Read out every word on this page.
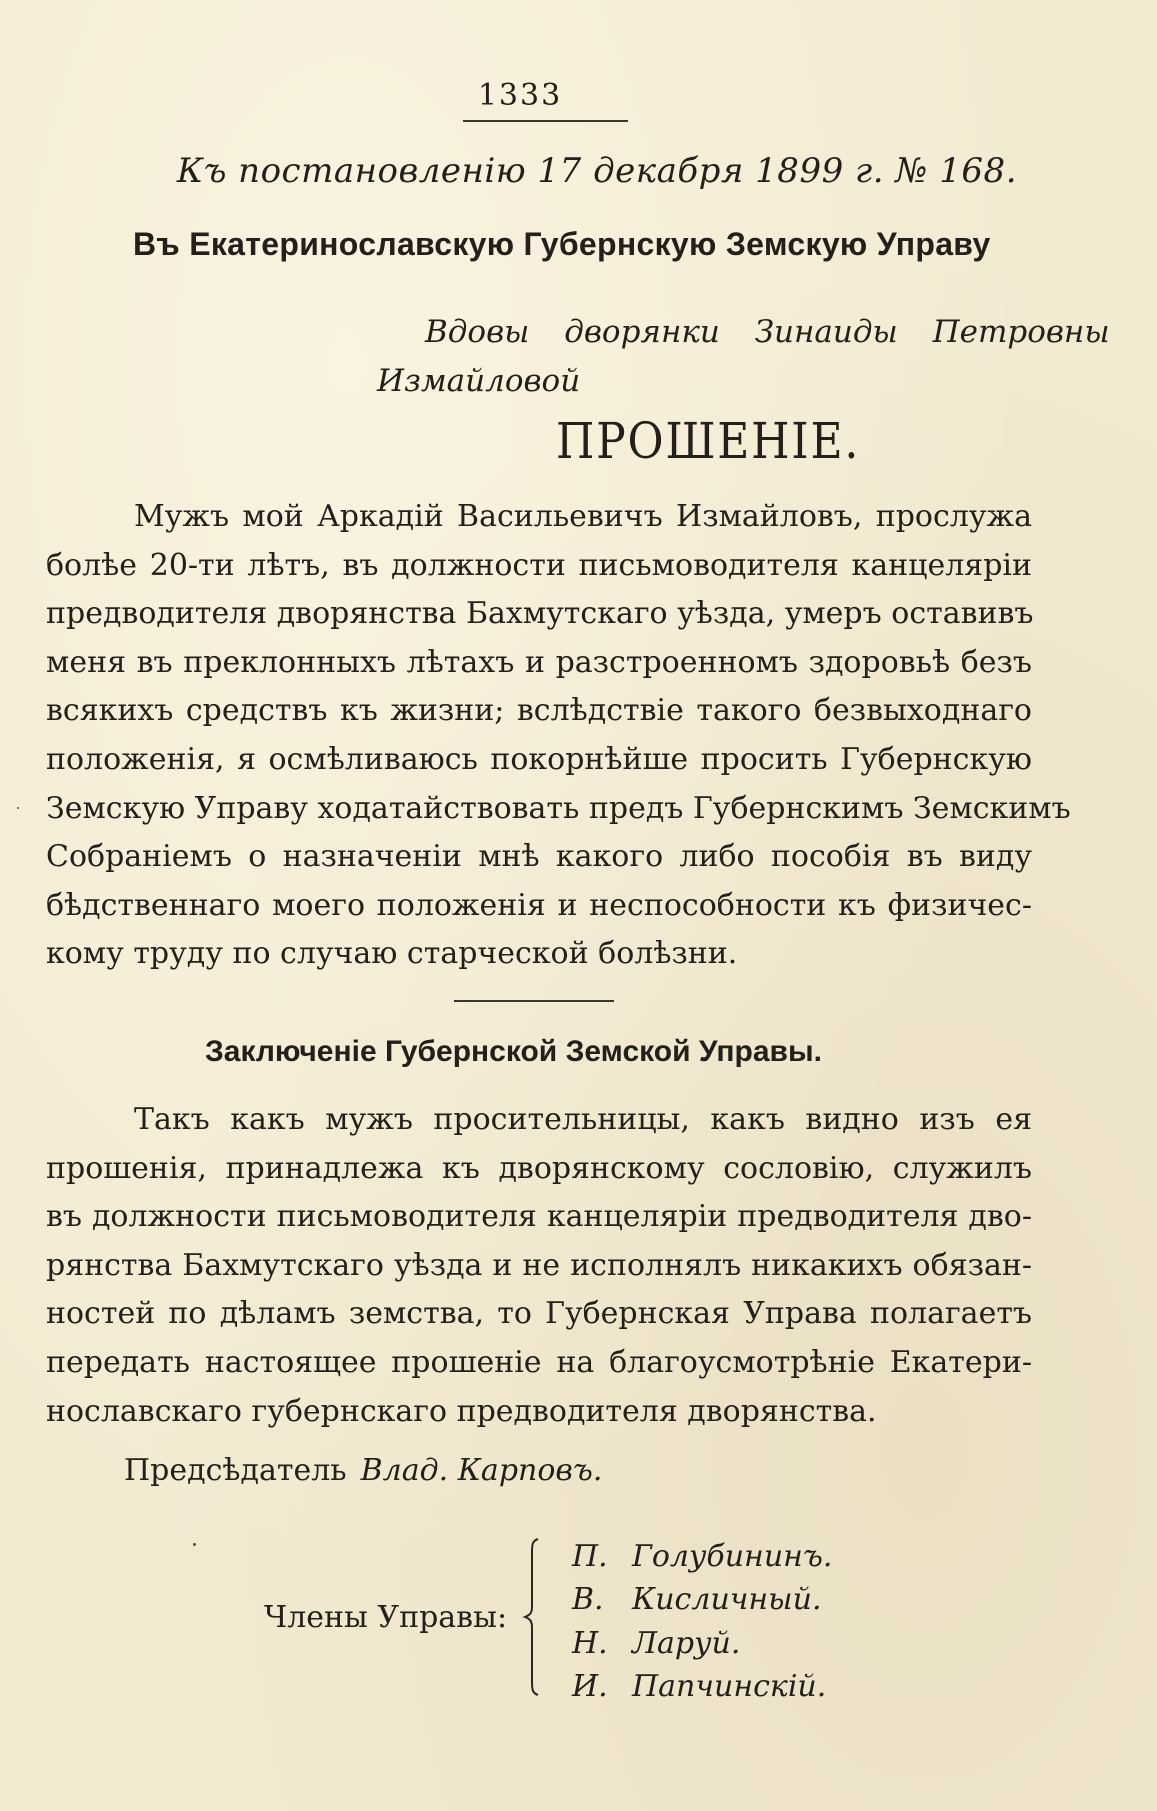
1333
Къ постановленію 17 декабря 1899 г. № 168.
Въ Екатеринославскую Губернскую Земскую Управу
Вдовы дворянки Зинаиды Петровны
Измайловой
ПРОШЕНІЕ.
Мужъ мой Аркадій Васильевичъ Измайловъ, прослужа
болѣе 20-ти лѣтъ, въ должности письмоводителя канцеляріи
предводителя дворянства Бахмутскаго уѣзда, умеръ оставивъ
меня въ преклонныхъ лѣтахъ и разстроенномъ здоровьѣ безъ
всякихъ средствъ къ жизни; вслѣдствіе такого безвыходнаго
положенія, я осмѣливаюсь покорнѣйше просить Губернскую
Земскую Управу ходатайствовать предъ Губернскимъ Земскимъ
Собраніемъ о назначеніи мнѣ какого либо пособія въ виду
бѣдственнаго моего положенія и неспособности къ физичес-
кому труду по случаю старческой болѣзни.
Заключеніе Губернской Земской Управы.
Такъ какъ мужъ просительницы, какъ видно изъ ея
прошенія, принадлежа къ дворянскому сословію, служилъ
въ должности письмоводителя канцеляріи предводителя дво-
рянства Бахмутскаго уѣзда и не исполнялъ никакихъ обязан-
ностей по дѣламъ земства, то Губернская Управа полагаетъ
передать настоящее прошеніе на благоусмотрѣніе Екатери-
нославскаго губернскаго предводителя дворянства.
Предсѣдатель Влад. Карповъ.
Члены Управы:
П. Голубининъ.
В. Кисличный.
Н. Ларуй.
И. Папчинскій.
